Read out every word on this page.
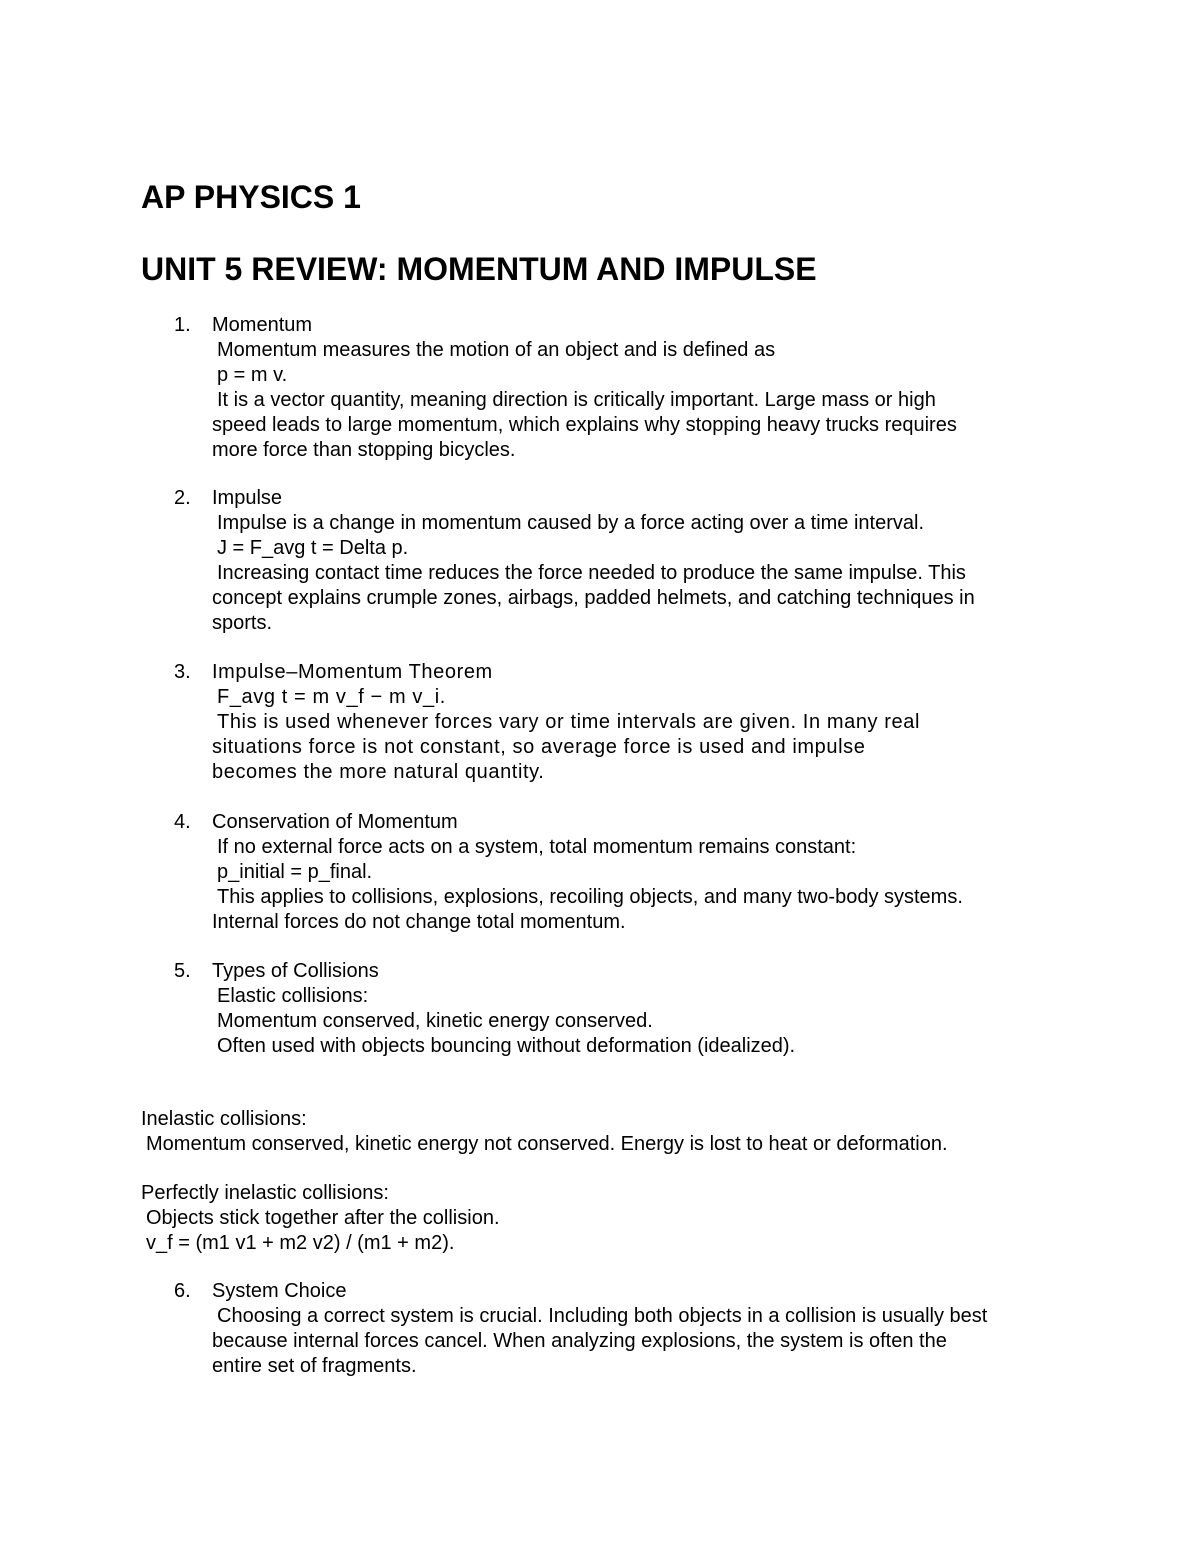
AP PHYSICS 1
UNIT 5 REVIEW: MOMENTUM AND IMPULSE
1.	Momentum
Momentum measures the motion of an object and is defined as
p = m v.
It is a vector quantity, meaning direction is critically important. Large mass or high
speed leads to large momentum, which explains why stopping heavy trucks requires
more force than stopping bicycles.
2.	Impulse
Impulse is a change in momentum caused by a force acting over a time interval.
J = F_avg t = Delta p.
Increasing contact time reduces the force needed to produce the same impulse. This
concept explains crumple zones, airbags, padded helmets, and catching techniques in
sports.
3.	Impulse–Momentum Theorem
F_avg t = m v_f − m v_i.
This is used whenever forces vary or time intervals are given. In many real
situations force is not constant, so average force is used and impulse
becomes the more natural quantity.
4.	Conservation of Momentum
If no external force acts on a system, total momentum remains constant:
p_initial = p_final.
This applies to collisions, explosions, recoiling objects, and many two-body systems.
Internal forces do not change total momentum.
5.	Types of Collisions
Elastic collisions:
Momentum conserved, kinetic energy conserved.
Often used with objects bouncing without deformation (idealized).
Inelastic collisions:
Momentum conserved, kinetic energy not conserved. Energy is lost to heat or deformation.
Perfectly inelastic collisions:
Objects stick together after the collision.
v_f = (m1 v1 + m2 v2) / (m1 + m2).
6.	System Choice
Choosing a correct system is crucial. Including both objects in a collision is usually best
because internal forces cancel. When analyzing explosions, the system is often the
entire set of fragments.
